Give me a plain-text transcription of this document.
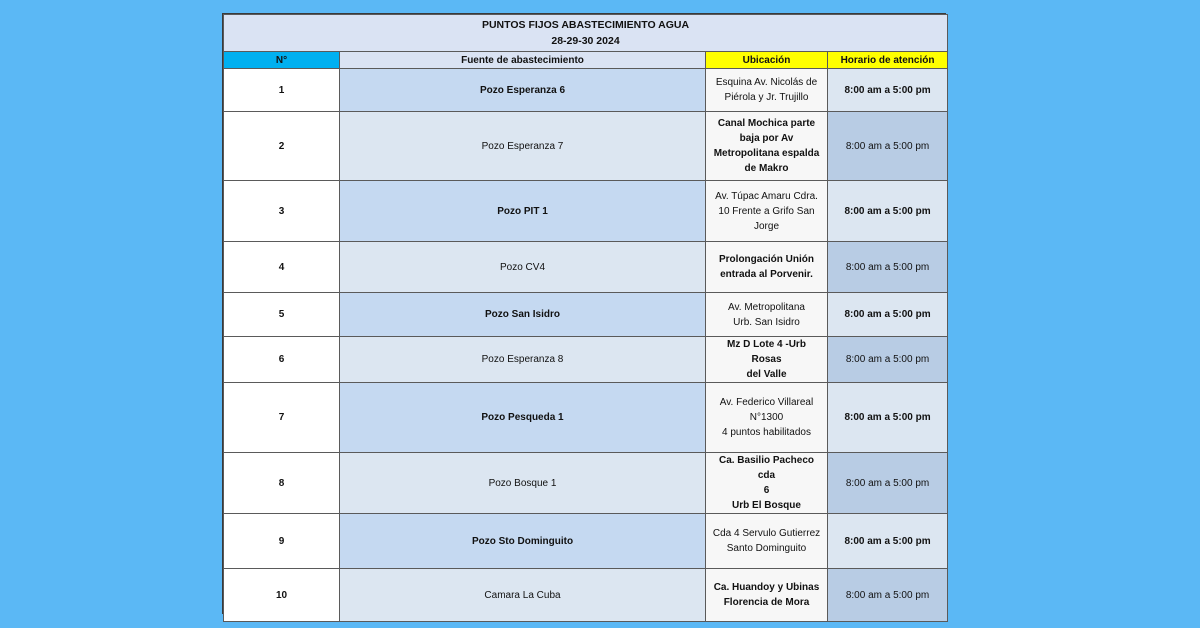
PUNTOS FIJOS ABASTECIMIENTO AGUA
28-29-30 2024			

N°	Fuente de abastecimiento	Ubicación	Horario de atención
1	Pozo Esperanza 6	Esquina Av. Nicolás de
Piérola y Jr. Trujillo	8:00 am a 5:00 pm
2	Pozo Esperanza 7	Canal Mochica parte
baja por Av
Metropolitana espalda
de Makro	8:00 am a 5:00 pm
3	Pozo PIT 1	Av. Túpac Amaru Cdra.
10 Frente a Grifo San
Jorge	8:00 am a 5:00 pm
4	Pozo CV4	Prolongación Unión
entrada al Porvenir.	8:00 am a 5:00 pm
5	Pozo San Isidro	Av. Metropolitana
Urb. San Isidro	8:00 am a 5:00 pm
6	Pozo Esperanza 8	Mz D Lote 4 -Urb Rosas
del Valle	8:00 am a 5:00 pm
7	Pozo Pesqueda 1	Av. Federico Villareal
N°1300
4 puntos habilitados	8:00 am a 5:00 pm
8	Pozo Bosque 1	Ca. Basilio Pacheco cda
6
Urb El Bosque	8:00 am a 5:00 pm
9	Pozo Sto Dominguito	Cda 4 Servulo Gutierrez
Santo Dominguito	8:00 am a 5:00 pm
10	Camara La Cuba	Ca. Huandoy y Ubinas
Florencia de Mora	8:00 am a 5:00 pm
